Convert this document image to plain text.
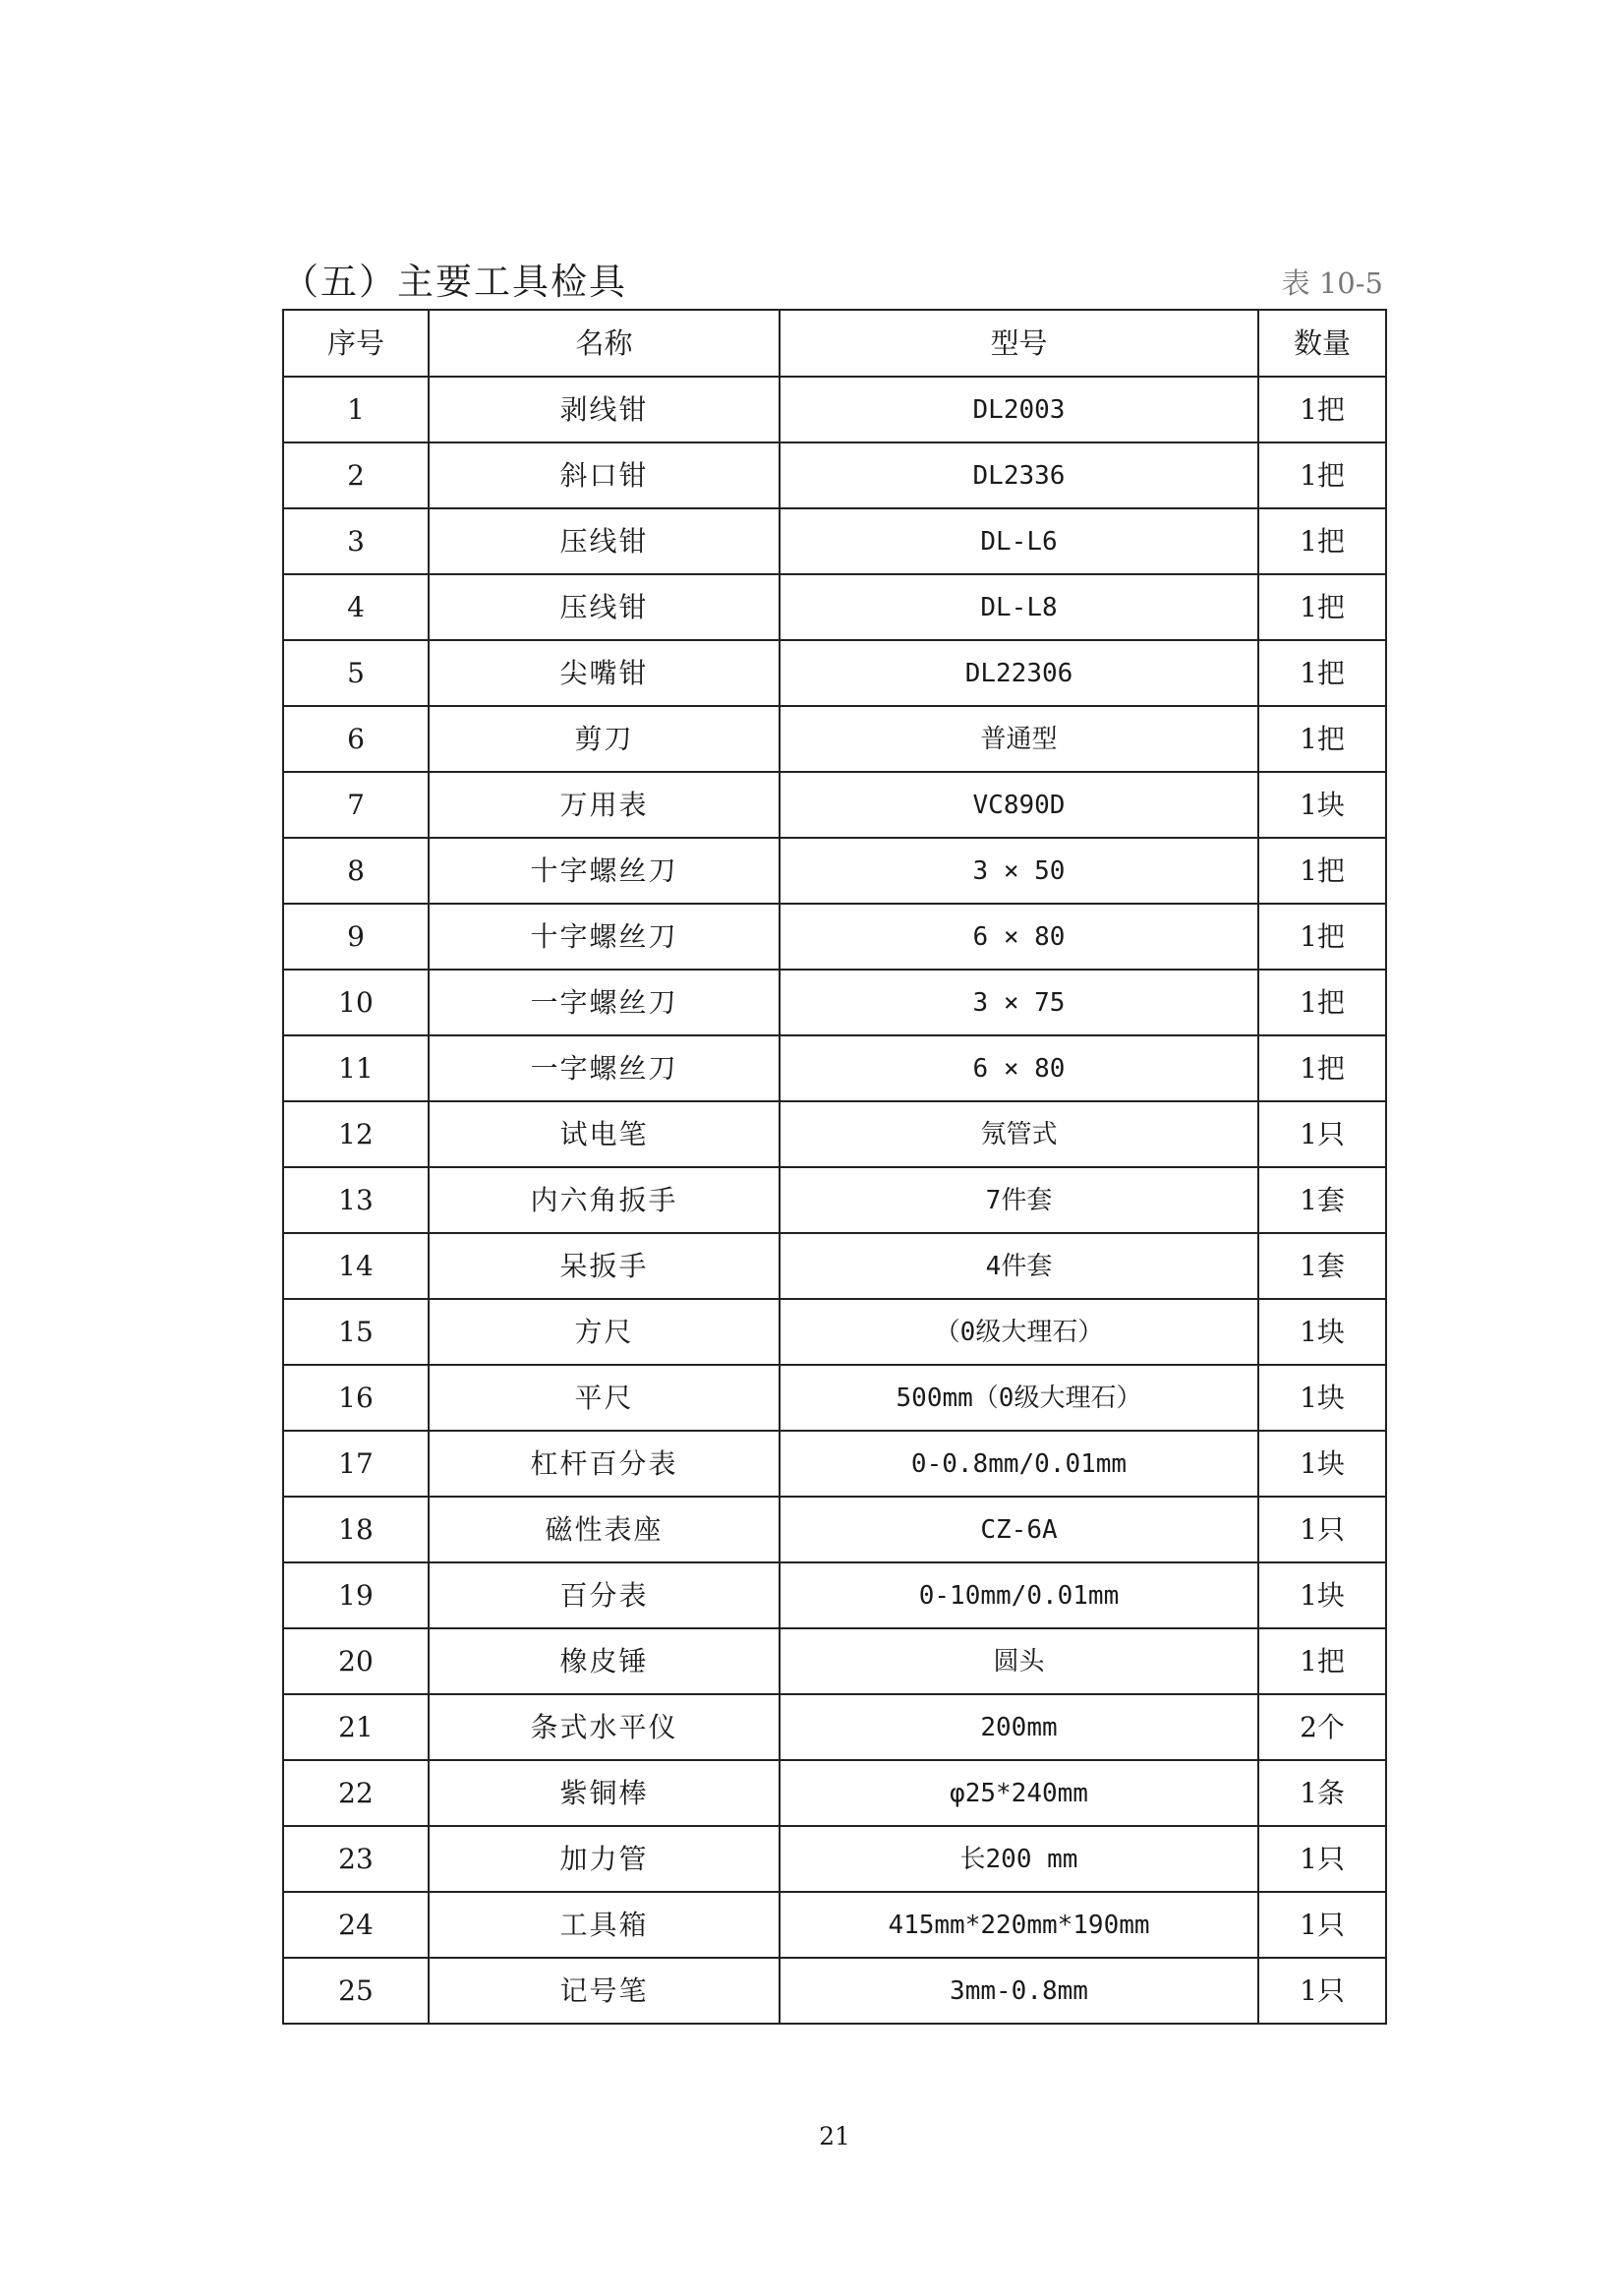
（五）主要工具检具	表 10-5
序号	名称	型号	数量
1	剥线钳	DL2003	1把
2	斜口钳	DL2336	1把
3	压线钳	DL-L6	1把
4	压线钳	DL-L8	1把
5	尖嘴钳	DL22306	1把
6	剪刀	普通型	1把
7	万用表	VC890D	1块
8	十字螺丝刀	3 × 50	1把
9	十字螺丝刀	6 × 80	1把
10	一字螺丝刀	3 × 75	1把
11	一字螺丝刀	6 × 80	1把
12	试电笔	氖管式	1只
13	内六角扳手	7件套	1套
14	呆扳手	4件套	1套
15	方尺	（0级大理石）	1块
16	平尺	500mm（0级大理石）	1块
17	杠杆百分表	0-0.8mm/0.01mm	1块
18	磁性表座	CZ-6A	1只
19	百分表	0-10mm/0.01mm	1块
20	橡皮锤	圆头	1把
21	条式水平仪	200mm	2个
22	紫铜棒	φ25*240mm	1条
23	加力管	长200 mm	1只
24	工具箱	415mm*220mm*190mm	1只
25	记号笔	3mm-0.8mm	1只
21
